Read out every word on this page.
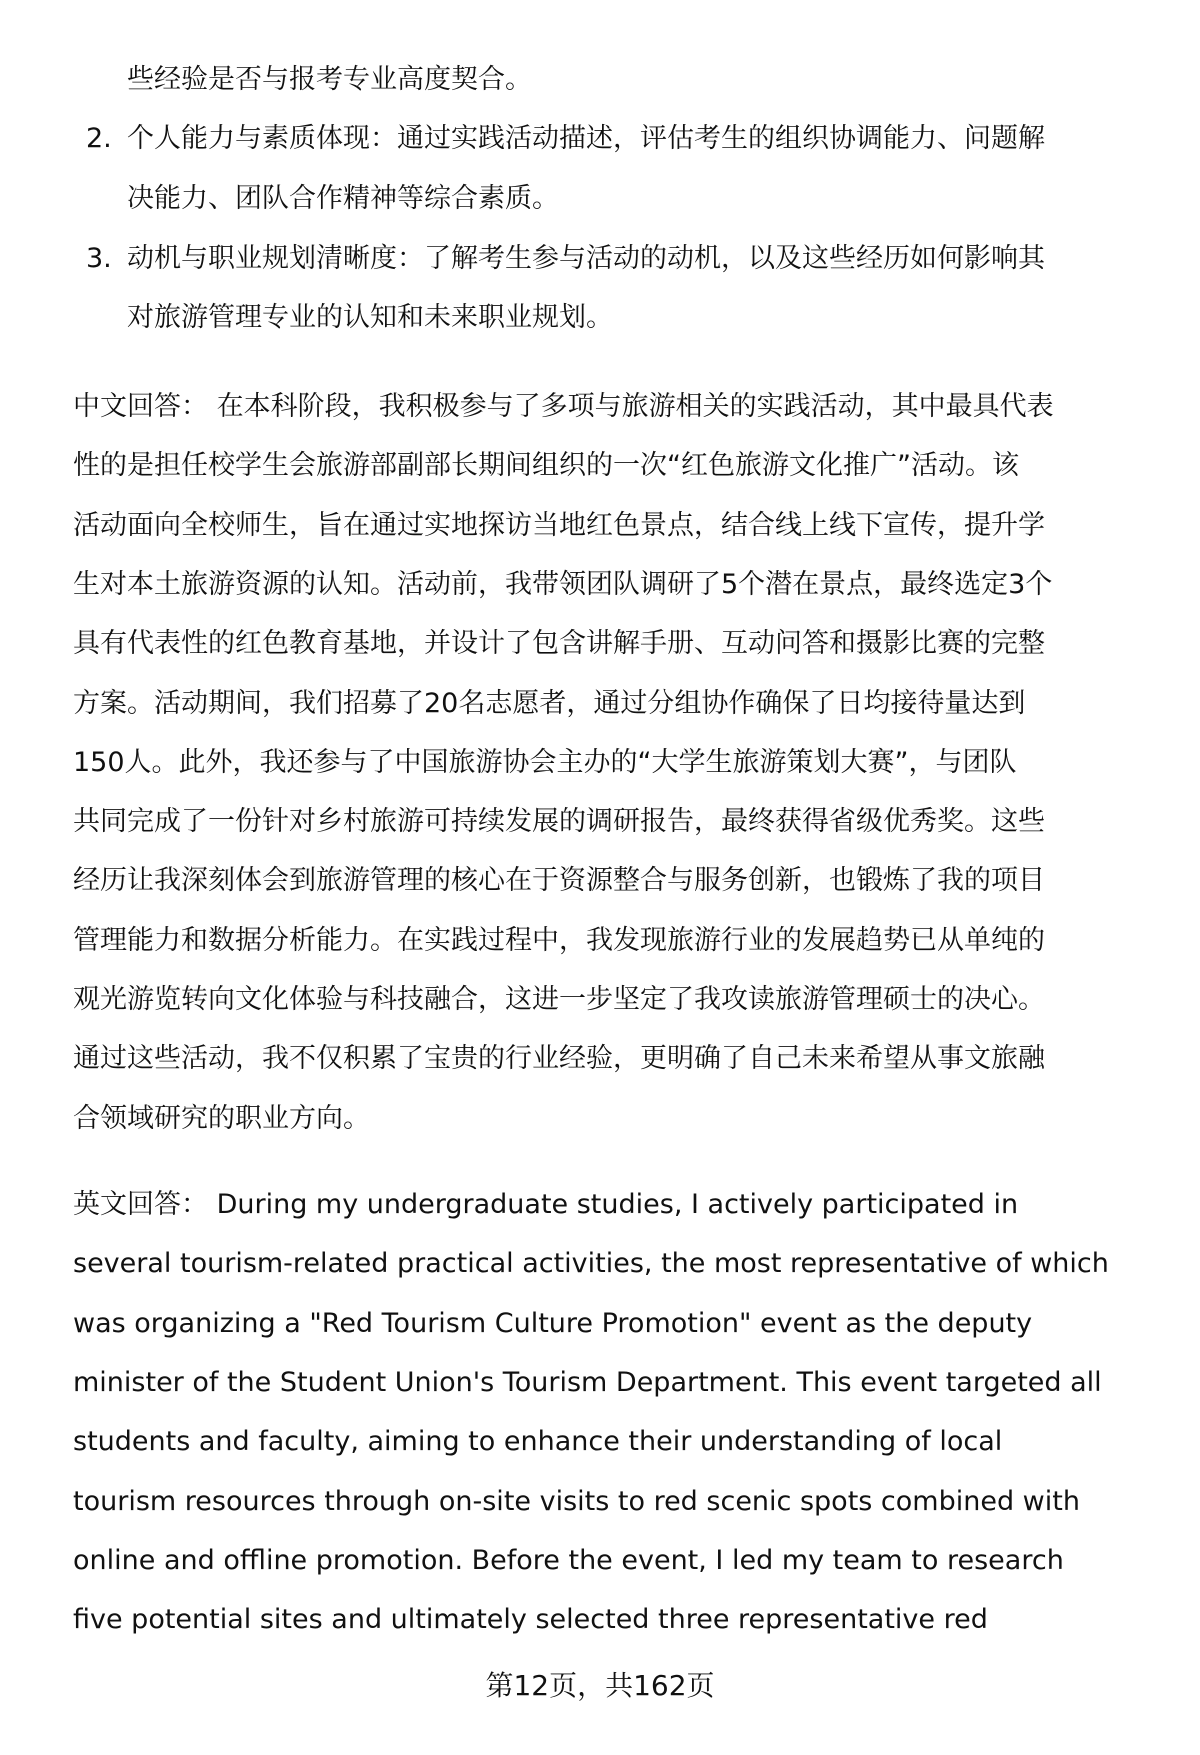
些经验是否与报考专业高度契合。
2. 个人能力与素质体现：通过实践活动描述，评估考生的组织协调能力、问题解
决能力、团队合作精神等综合素质。
3. 动机与职业规划清晰度：了解考生参与活动的动机，以及这些经历如何影响其
对旅游管理专业的认知和未来职业规划。
中文回答： 在本科阶段，我积极参与了多项与旅游相关的实践活动，其中最具代表
性的是担任校学生会旅游部副部长期间组织的一次“红色旅游文化推广”活动。该
活动面向全校师生，旨在通过实地探访当地红色景点，结合线上线下宣传，提升学
生对本土旅游资源的认知。活动前，我带领团队调研了5个潜在景点，最终选定3个
具有代表性的红色教育基地，并设计了包含讲解手册、互动问答和摄影比赛的完整
方案。活动期间，我们招募了20名志愿者，通过分组协作确保了日均接待量达到
150人。此外，我还参与了中国旅游协会主办的“大学生旅游策划大赛”，与团队
共同完成了一份针对乡村旅游可持续发展的调研报告，最终获得省级优秀奖。这些
经历让我深刻体会到旅游管理的核心在于资源整合与服务创新，也锻炼了我的项目
管理能力和数据分析能力。在实践过程中，我发现旅游行业的发展趋势已从单纯的
观光游览转向文化体验与科技融合，这进一步坚定了我攻读旅游管理硕士的决心。
通过这些活动，我不仅积累了宝贵的行业经验，更明确了自己未来希望从事文旅融
合领域研究的职业方向。
英文回答： During my undergraduate studies, I actively participated in
several tourism-related practical activities, the most representative of which
was organizing a "Red Tourism Culture Promotion" event as the deputy
minister of the Student Union's Tourism Department. This event targeted all
students and faculty, aiming to enhance their understanding of local
tourism resources through on-site visits to red scenic spots combined with
online and offline promotion. Before the event, I led my team to research
five potential sites and ultimately selected three representative red
第12页，共162页
